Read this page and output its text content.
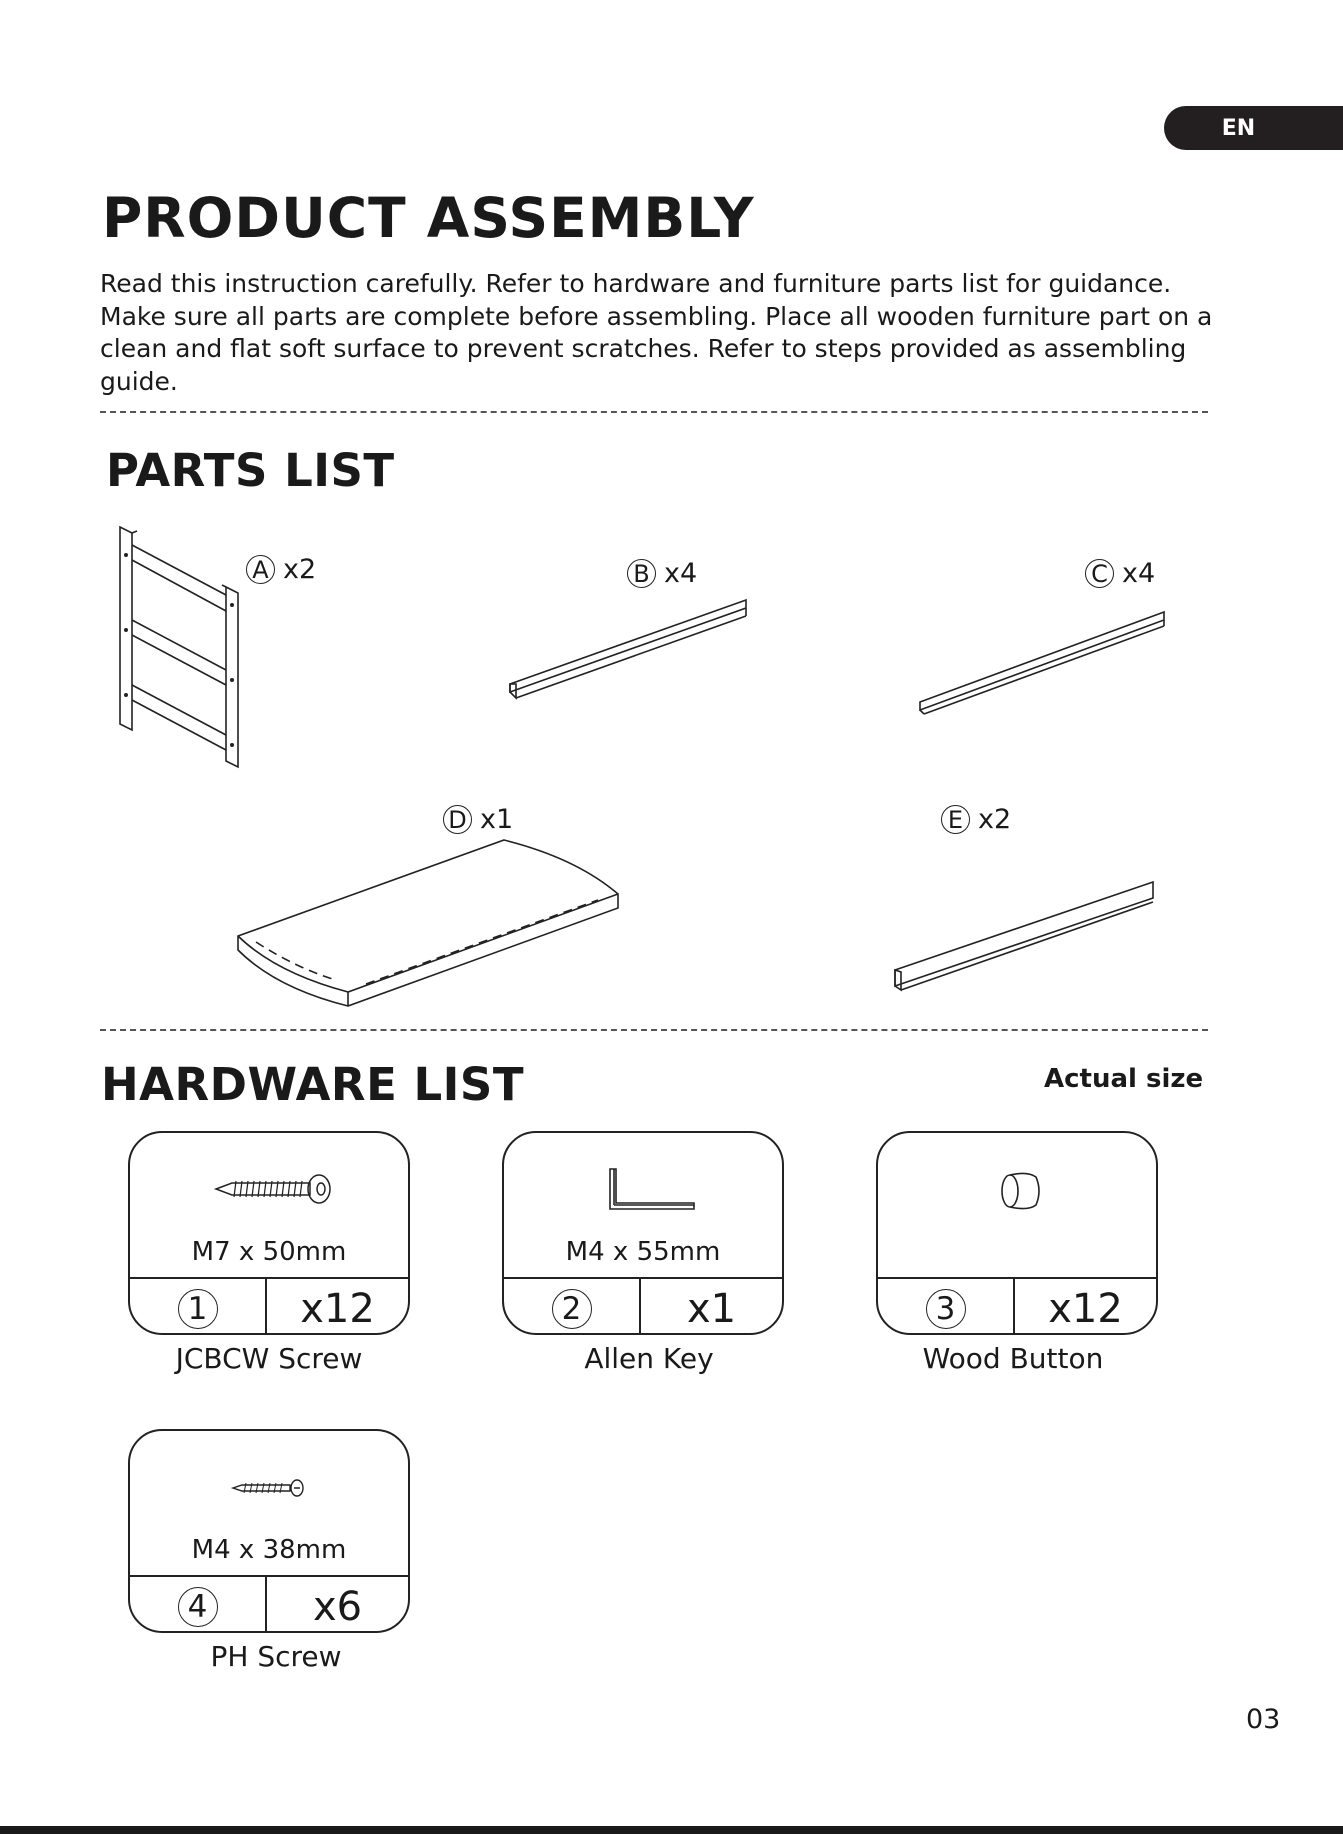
EN
PRODUCT ASSEMBLY

Read this instruction carefully. Refer to hardware and furniture parts list for guidance. Make sure all parts are complete before assembling. Place all wooden furniture part on a clean and flat soft surface to prevent scratches. Refer to steps provided as assembling guide.

PARTS LIST
A x2	B x4	C x4
D x1	E x2
HARDWARE LIST	Actual size
M7 x 50mm
1	x12
JCBCW Screw
M4 x 55mm
2	x1
Allen Key
3	x12
Wood Button
M4 x 38mm
4	x6
PH Screw
03
